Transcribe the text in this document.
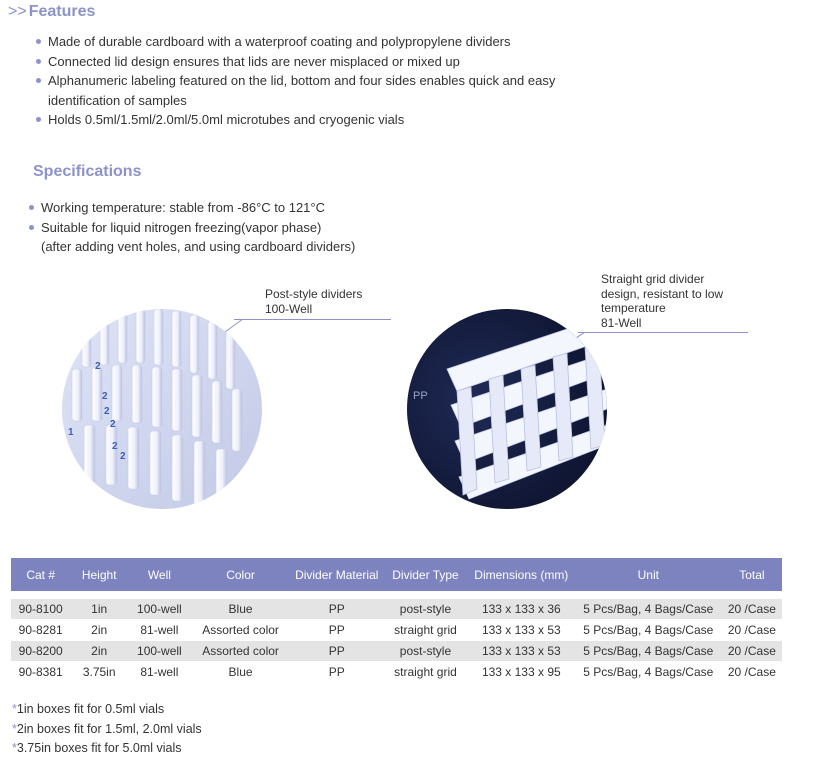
>> Features
Made of durable cardboard with a waterproof coating and polypropylene dividers
Connected lid design ensures that lids are never misplaced or mixed up
Alphanumeric labeling featured on the lid, bottom and four sides enables quick and easy identification of samples
Holds 0.5ml/1.5ml/2.0ml/5.0ml microtubes and cryogenic vials
Specifications
Working temperature: stable from -86°C to 121°C
Suitable for liquid nitrogen freezing(vapor phase)
(after adding vent holes, and using cardboard dividers)
Post-style dividers
100-Well
Straight grid divider
design, resistant to low
temperature
81-Well
2
2
2
2
2
1
2
PP
Cat #	Height	Well	Color	Divider Material	Divider Type	Dimensions (mm)	Unit	Total
90-8100	1in	100-well	Blue	PP	post-style	133 x 133 x 36	5 Pcs/Bag, 4 Bags/Case	20 /Case
90-8281	2in	81-well	Assorted color	PP	straight grid	133 x 133 x 53	5 Pcs/Bag, 4 Bags/Case	20 /Case
90-8200	2in	100-well	Assorted color	PP	post-style	133 x 133 x 53	5 Pcs/Bag, 4 Bags/Case	20 /Case
90-8381	3.75in	81-well	Blue	PP	straight grid	133 x 133 x 95	5 Pcs/Bag, 4 Bags/Case	20 /Case
*1in boxes fit for 0.5ml vials
*2in boxes fit for 1.5ml, 2.0ml vials
*3.75in boxes fit for 5.0ml vials
